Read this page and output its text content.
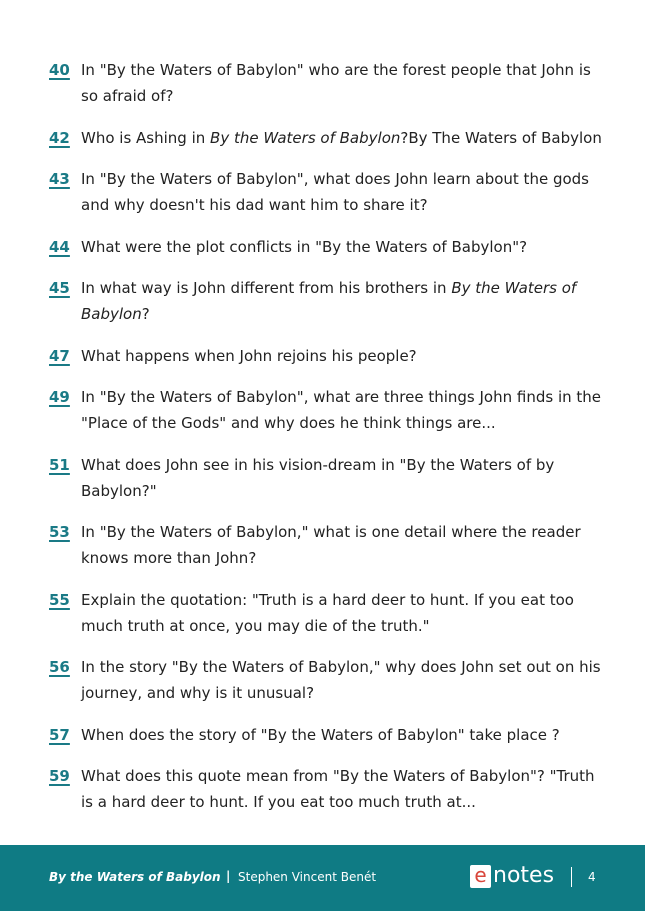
40 In "By the Waters of Babylon" who are the forest people that John is so afraid of?
42 Who is Ashing in By the Waters of Babylon?By The Waters of Babylon
43 In "By the Waters of Babylon", what does John learn about the gods and why doesn't his dad want him to share it?
44 What were the plot conflicts in "By the Waters of Babylon"?
45 In what way is John different from his brothers in By the Waters of Babylon?
47 What happens when John rejoins his people?
49 In "By the Waters of Babylon", what are three things John finds in the "Place of the Gods" and why does he think things are...
51 What does John see in his vision-dream in "By the Waters of by Babylon?"
53 In "By the Waters of Babylon," what is one detail where the reader knows more than John?
55 Explain the quotation: "Truth is a hard deer to hunt. If you eat too much truth at once, you may die of the truth."
56 In the story "By the Waters of Babylon," why does John set out on his journey, and why is it unusual?
57 When does the story of "By the Waters of Babylon" take place ?
59 What does this quote mean from "By the Waters of Babylon"? "Truth is a hard deer to hunt. If you eat too much truth at...
By the Waters of Babylon | Stephen Vincent Benét	e notes	4
